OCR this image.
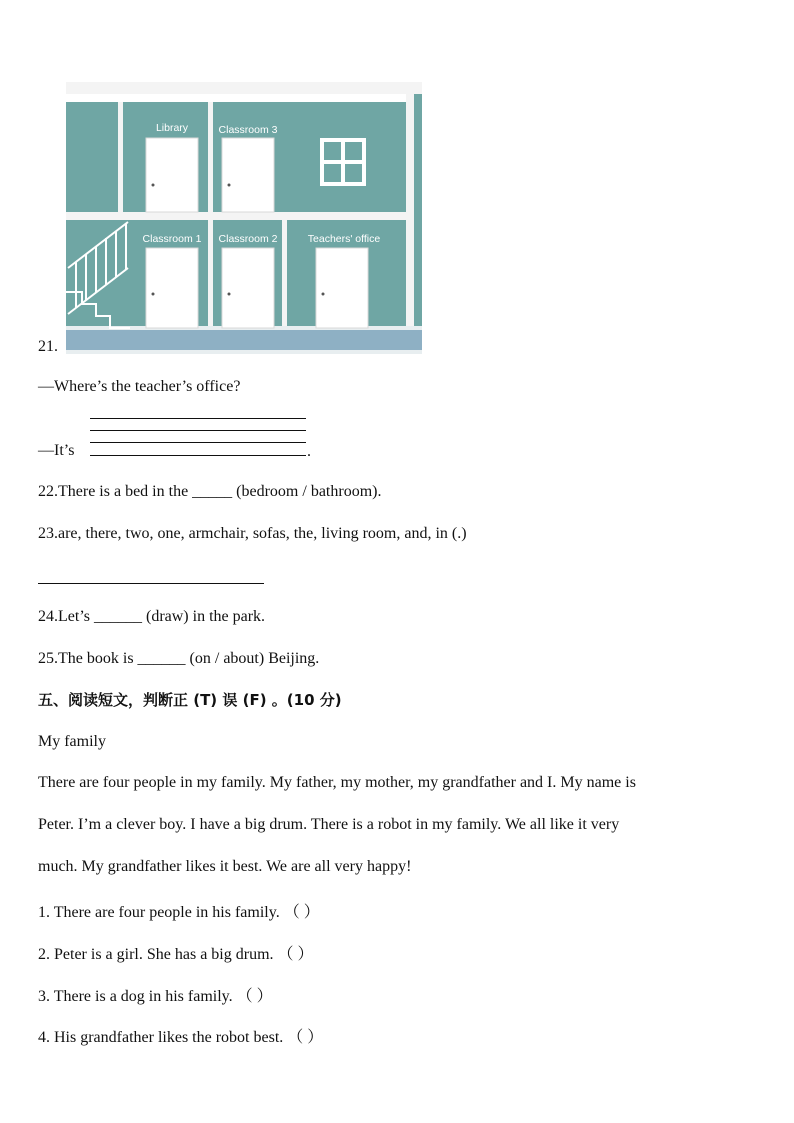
Library	Classroom 3
Classroom 1 Classroom 2	Teachers' office
21.
—Where’s the teacher’s office?
—It’s	.
22.There is a bed in the _____ (bedroom / bathroom).
23.are, there, two, one, armchair, sofas, the, living room, and, in (.)
24.Let’s ______ (draw) in the park.
25.The book is ______ (on / about) Beijing.
五、阅读短文，判断正 (T) 误 (F) 。(10 分)
My family
There are four people in my family. My father, my mother, my grandfather and I. My name is
Peter. I’m a clever boy. I have a big drum. There is a robot in my family. We all like it very
much. My grandfather likes it best. We are all very happy!
1. There are four people in his family. （ ）
2. Peter is a girl. She has a big drum. （ ）
3. There is a dog in his family. （ ）
4. His grandfather likes the robot best. （ ）
